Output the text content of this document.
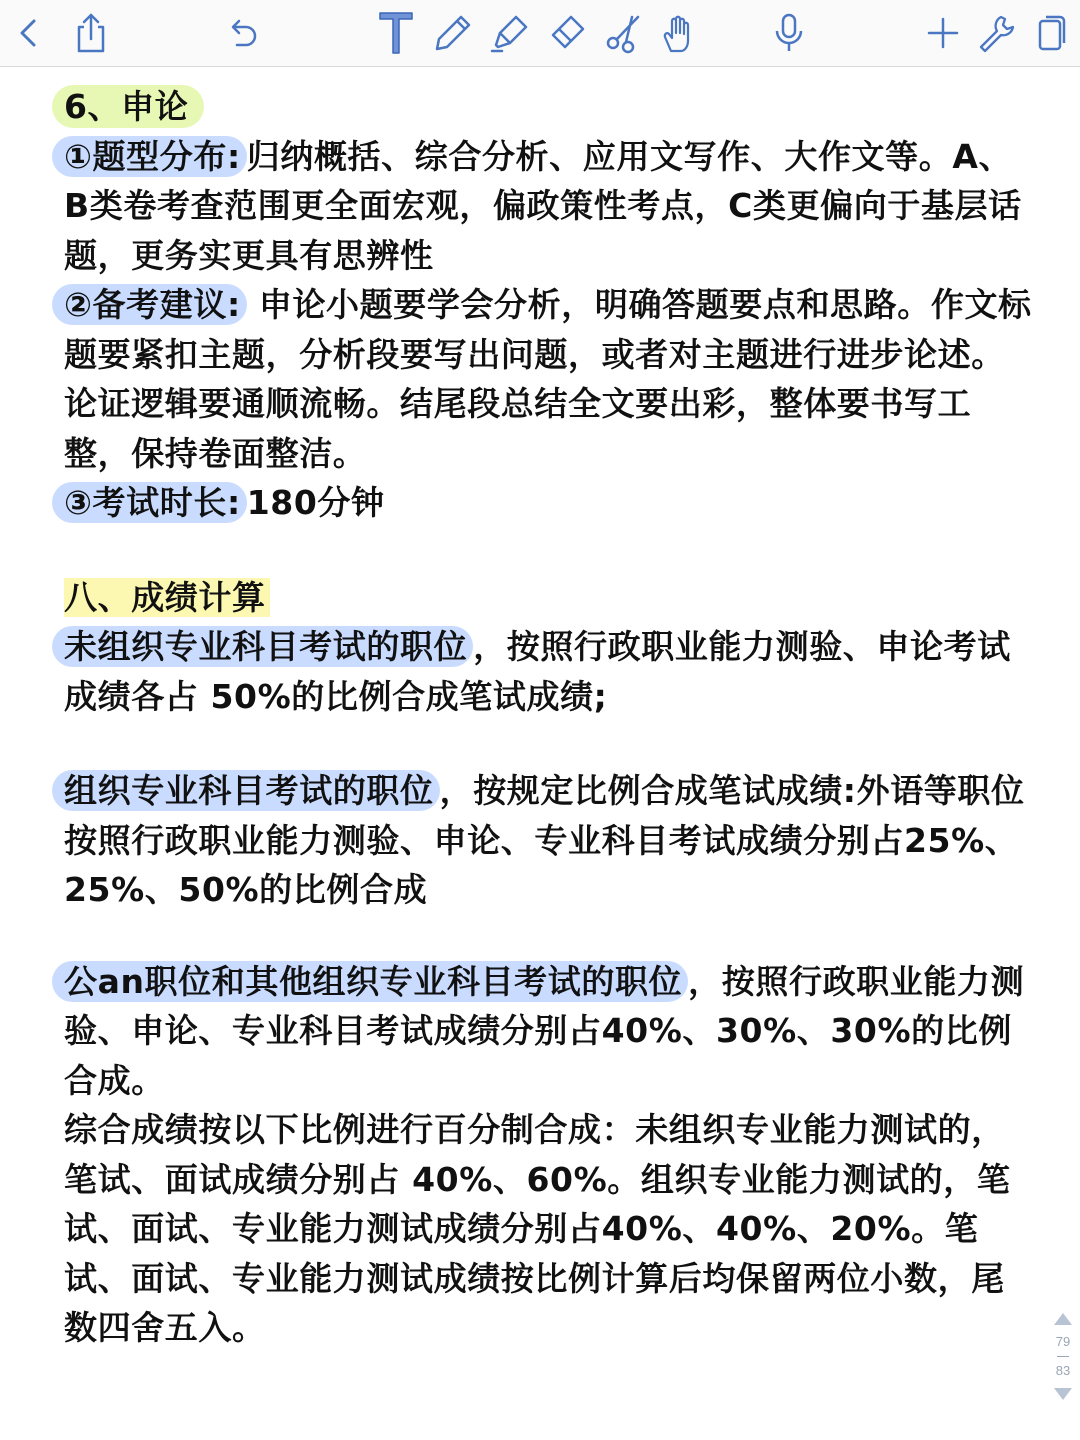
6、申论

①题型分布: 归纳概括、综合分析、应用文写作、大作文等。A、B类卷考查范围更全面宏观，偏政策性考点，C类更偏向于基层话题，更务实更具有思辨性

②备考建议: 申论小题要学会分析，明确答题要点和思路。作文标题要紧扣主题，分析段要写出问题，或者对主题进行进步论述。论证逻辑要通顺流畅。结尾段总结全文要出彩，整体要书写工整，保持卷面整洁。

③考试时长: 180分钟

八、成绩计算

未组织专业科目考试的职位 ，按照行政职业能力测验、申论考试成绩各占 50%的比例合成笔试成绩;

组织专业科目考试的职位 ，按规定比例合成笔试成绩:外语等职位按照行政职业能力测验、申论、专业科目考试成绩分别占25%、25%、50%的比例合成

公an职位和其他组织专业科目考试的职位 ，按照行政职业能力测验、申论、专业科目考试成绩分别占40%、30%、30%的比例合成。

综合成绩按以下比例进行百分制合成：未组织专业能力测试的，笔试、面试成绩分别占 40%、60%。组织专业能力测试的，笔试、面试、专业能力测试成绩分别占40%、40%、20%。笔试、面试、专业能力测试成绩按比例计算后均保留两位小数，尾数四舍五入。	79
83
